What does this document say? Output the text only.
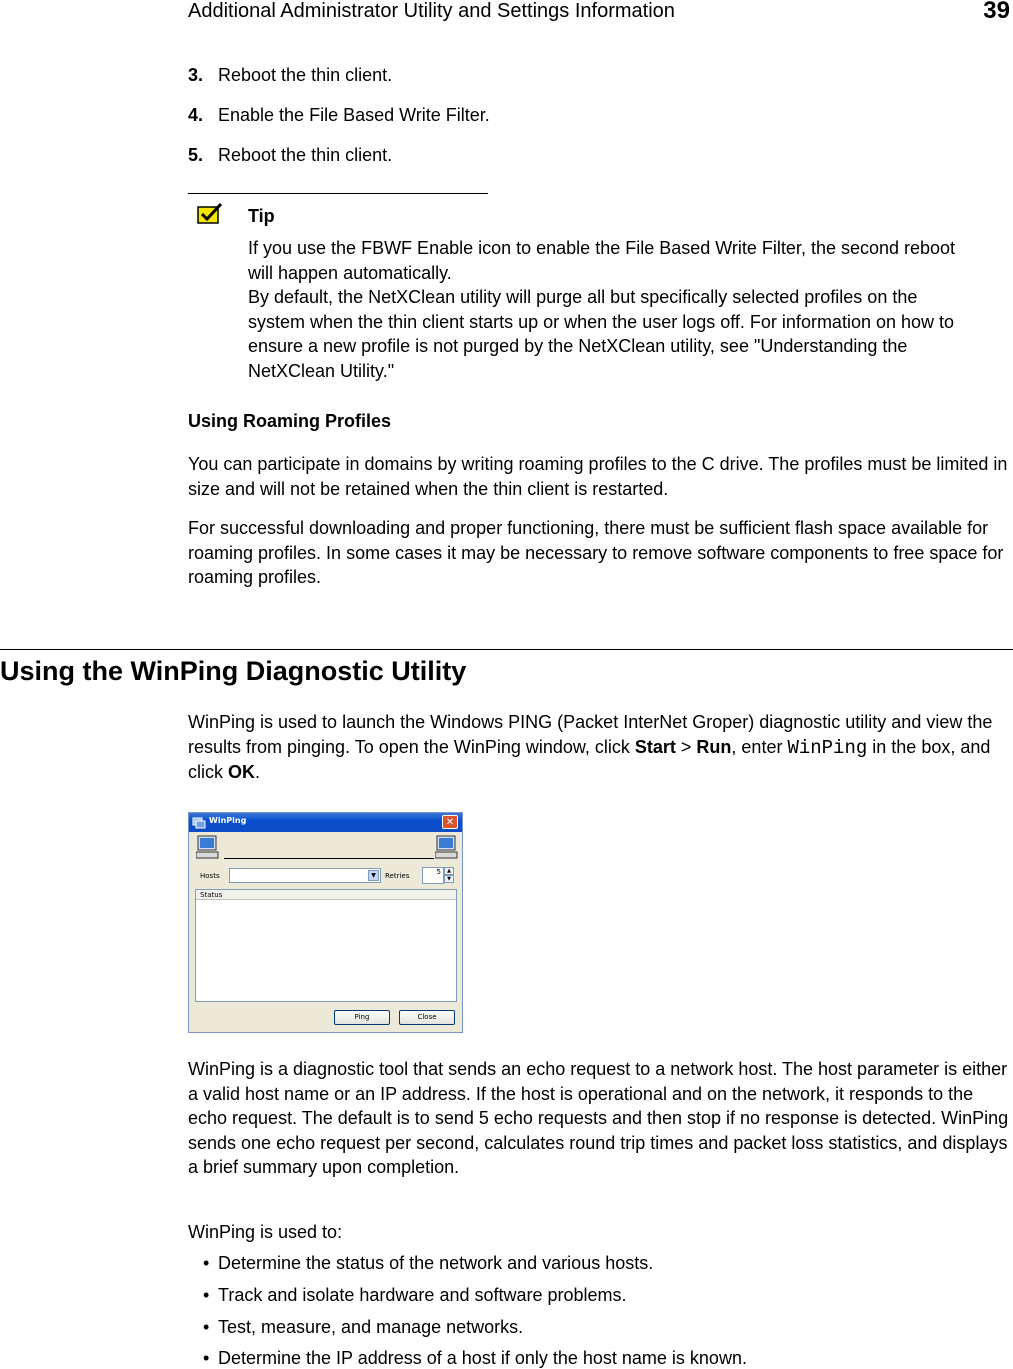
Additional Administrator Utility and Settings Information	39
3. Reboot the thin client.
4. Enable the File Based Write Filter.
5. Reboot the thin client.
Tip

If you use the FBWF Enable icon to enable the File Based Write Filter, the second reboot will happen automatically.

By default, the NetXClean utility will purge all but specifically selected profiles on the system when the thin client starts up or when the user logs off. For information on how to ensure a new profile is not purged by the NetXClean utility, see "Understanding the NetXClean Utility."

Using Roaming Profiles
You can participate in domains by writing roaming profiles to the C drive. The profiles must be limited in size and will not be retained when the thin client is restarted.
For successful downloading and proper functioning, there must be sufficient flash space available for roaming profiles. In some cases it may be necessary to remove software components to free space for roaming profiles.
Using the WinPing Diagnostic Utility
WinPing is used to launch the Windows PING (Packet InterNet Groper) diagnostic utility and view the results from pinging. To open the WinPing window, click Start > Run, enter WinPing in the box, and click OK.
WinPing	✕
Hosts	▼	Retries	5	▲
▼
Status
Ping	Close
WinPing is a diagnostic tool that sends an echo request to a network host. The host parameter is either a valid host name or an IP address. If the host is operational and on the network, it responds to the echo request. The default is to send 5 echo requests and then stop if no response is detected. WinPing sends one echo request per second, calculates round trip times and packet loss statistics, and displays a brief summary upon completion.
WinPing is used to:
• Determine the status of the network and various hosts.
• Track and isolate hardware and software problems.
• Test, measure, and manage networks.
• Determine the IP address of a host if only the host name is known.
